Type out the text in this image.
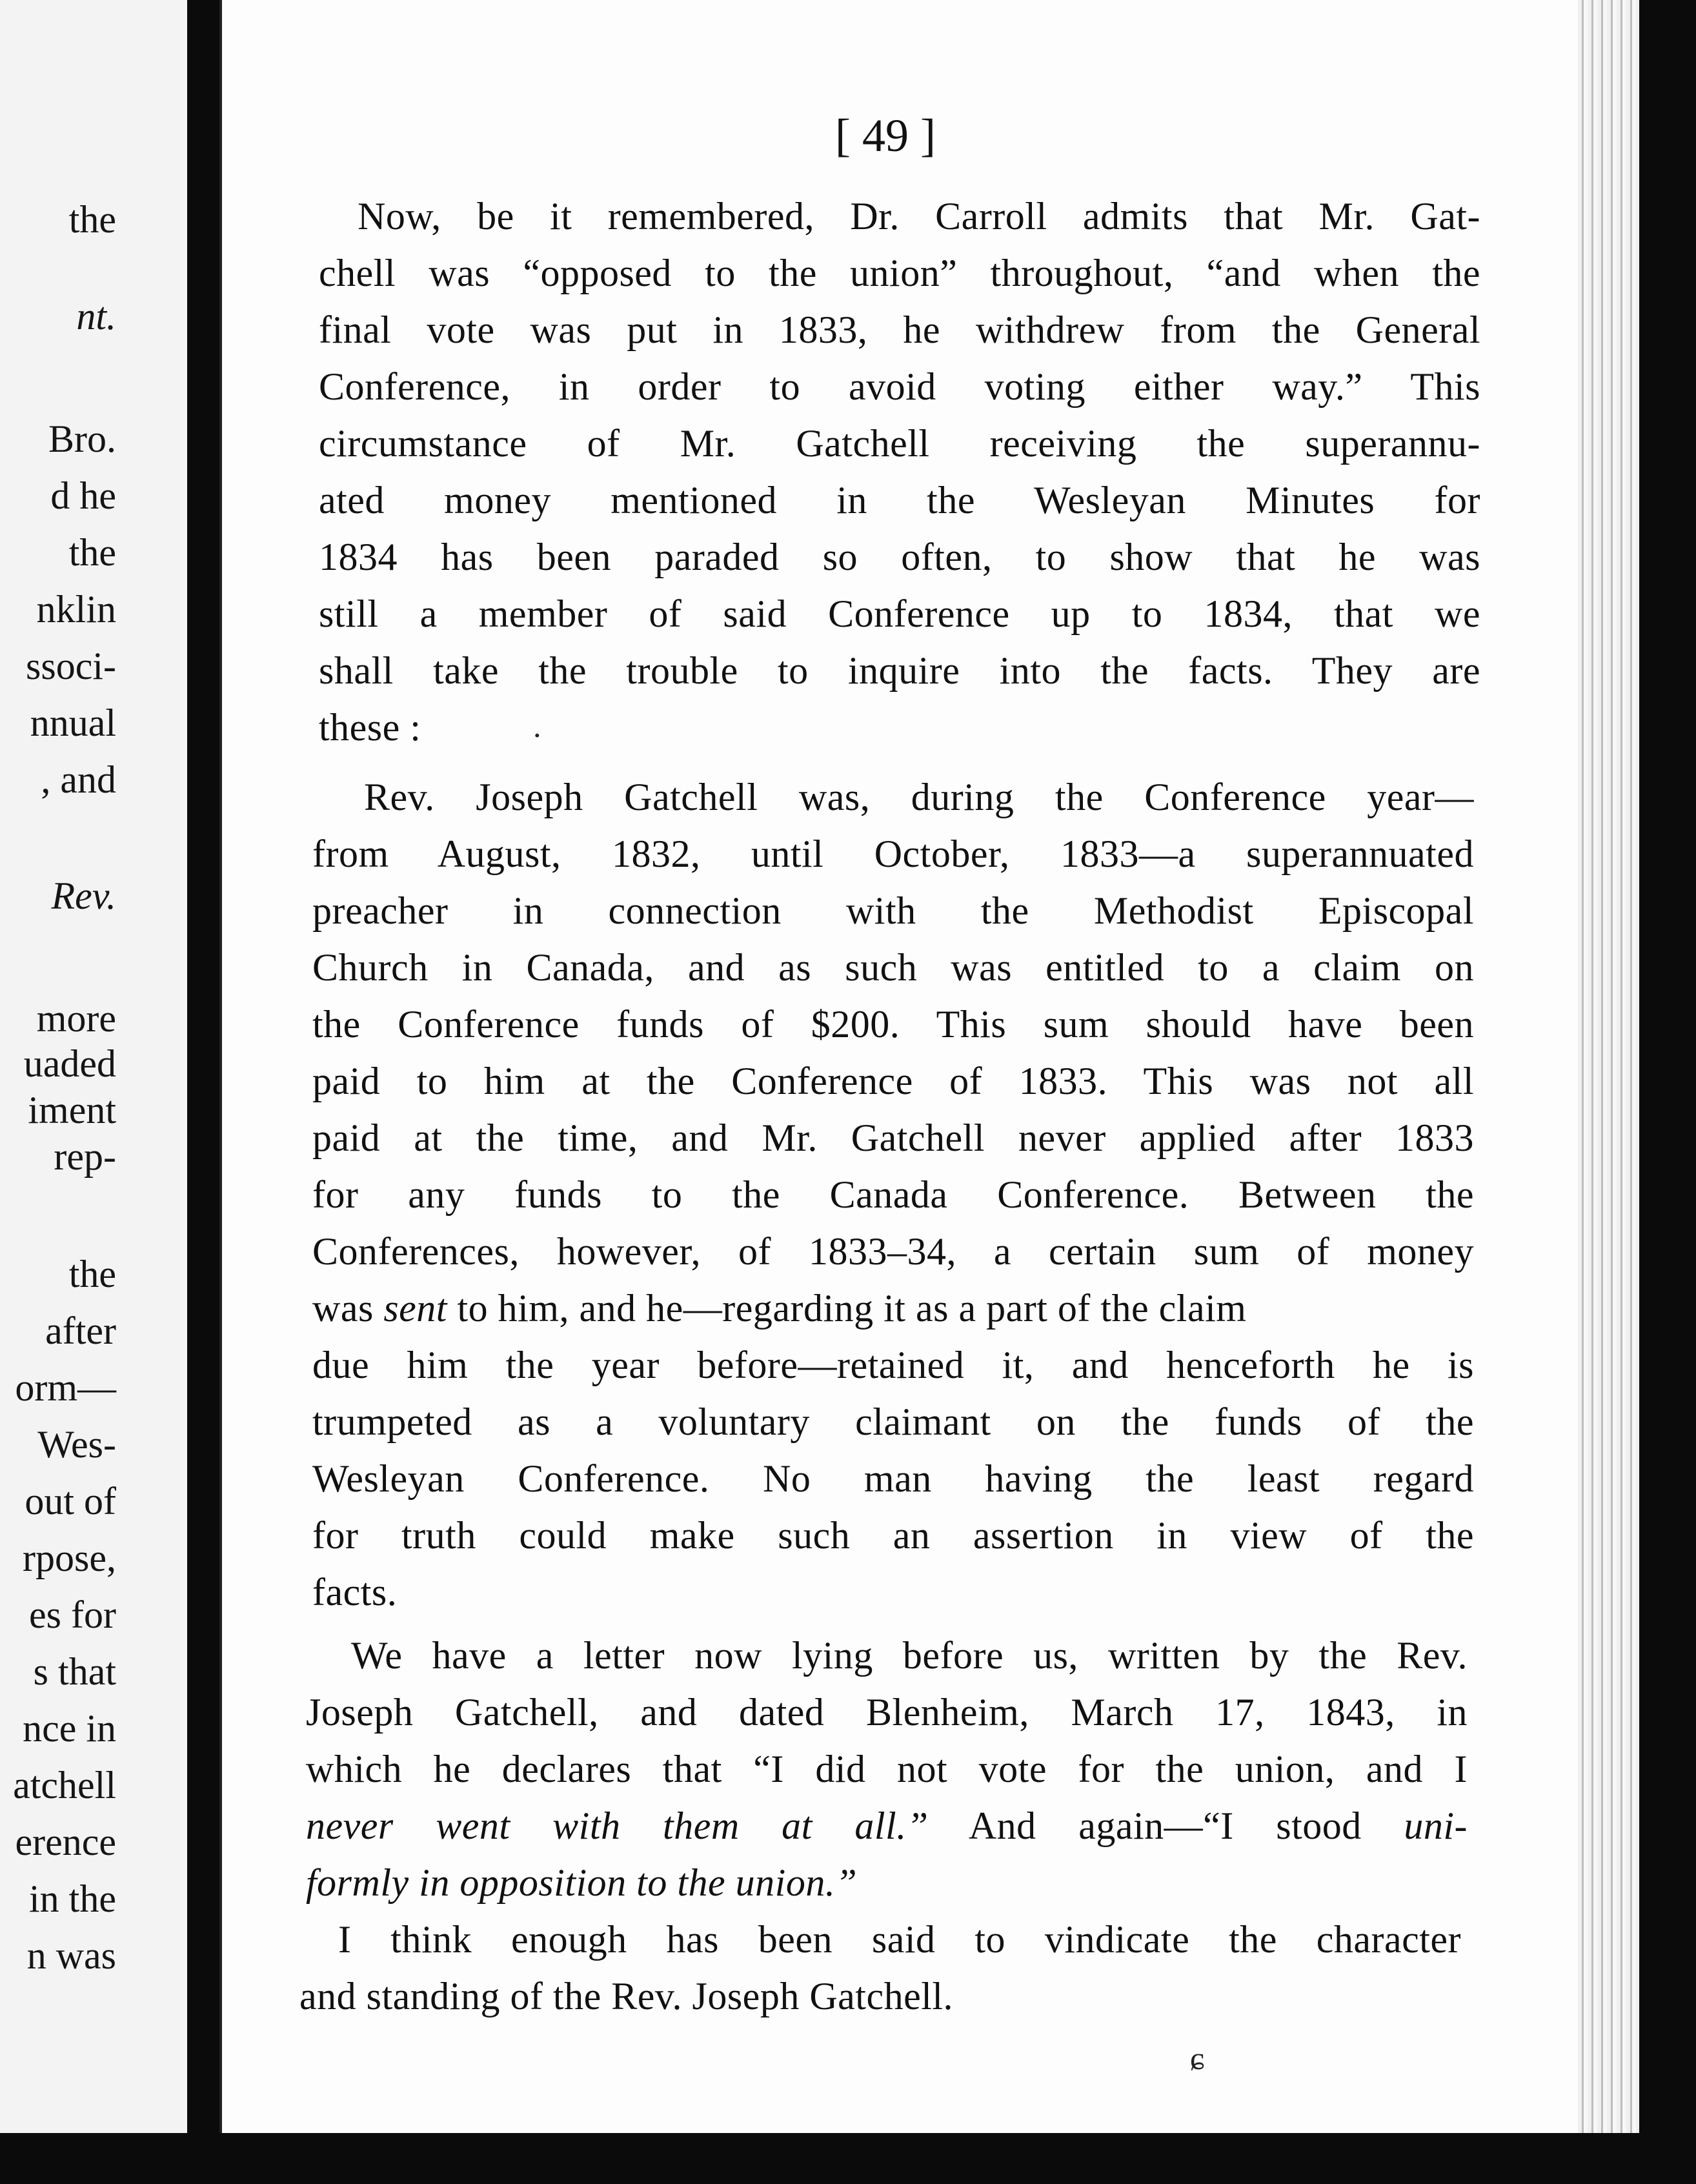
the
nt.
Bro.
d he
the
nklin
ssoci-
nnual
, and
Rev.
more
uaded
iment
rep-
the
after
orm—
Wes-
out of
rpose,
es for
s that
nce in
atchell
erence
in the
n was
[ 49 ]
Now, be it remembered, Dr. Carroll admits that Mr. Gat-
chell was “opposed to the union” throughout, “and when the
final vote was put in 1833, he withdrew from the General
Conference, in order to avoid voting either way.” This
circumstance of Mr. Gatchell receiving the superannu-
ated money mentioned in the Wesleyan Minutes for
1834 has been paraded so often, to show that he was
still a member of said Conference up to 1834, that we
shall take the trouble to inquire into the facts. They are
these :
Rev. Joseph Gatchell was, during the Conference year—
from August, 1832, until October, 1833—a superannuated
preacher in connection with the Methodist Episcopal
Church in Canada, and as such was entitled to a claim on
the Conference funds of $200. This sum should have been
paid to him at the Conference of 1833. This was not all
paid at the time, and Mr. Gatchell never applied after 1833
for any funds to the Canada Conference. Between the
Conferences, however, of 1833–34, a certain sum of money
was sent to him, and he—regarding it as a part of the claim
due him the year before—retained it, and henceforth he is
trumpeted as a voluntary claimant on the funds of the
Wesleyan Conference. No man having the least regard
for truth could make such an assertion in view of the
facts.
We have a letter now lying before us, written by the Rev.
Joseph Gatchell, and dated Blenheim, March 17, 1843, in
which he declares that “I did not vote for the union, and I
never went with them at all.” And again—“I stood uni-
formly in opposition to the union.”
I think enough has been said to vindicate the character
and standing of the Rev. Joseph Gatchell.
·
ɕ
